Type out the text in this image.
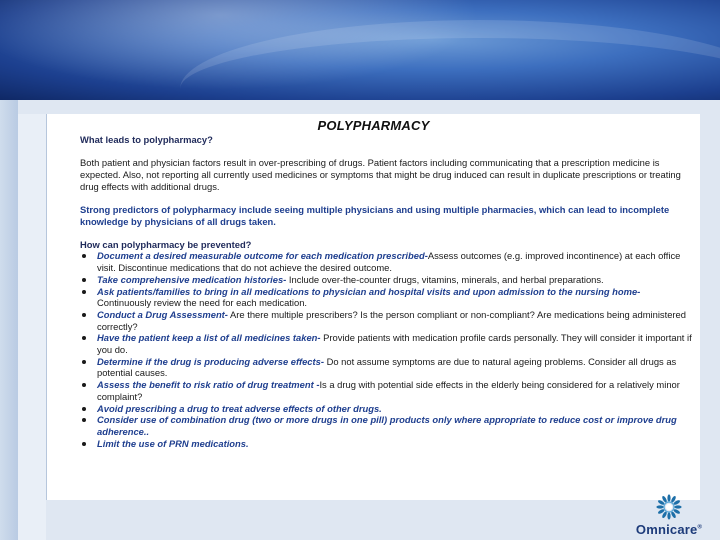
POLYPHARMACY

What leads to polypharmacy?

Both patient and physician factors result in over-prescribing of drugs. Patient factors including communicating that a prescription medicine is expected. Also, not reporting all currently used medicines or symptoms that might be drug induced can result in duplicate prescriptions or treating drug effects with additional drugs.

Strong predictors of polypharmacy include seeing multiple physicians and using multiple pharmacies, which can lead to incomplete knowledge by physicians of all drugs taken.

How can polypharmacy be prevented?

Document a desired measurable outcome for each medication prescribed-Assess outcomes (e.g. improved incontinence) at each office visit. Discontinue medications that do not achieve the desired outcome.
Take comprehensive medication histories- Include over-the-counter drugs, vitamins, minerals, and herbal preparations.
Ask patients/families to bring in all medications to physician and hospital visits and upon admission to the nursing home- Continuously review the need for each medication.
Conduct a Drug Assessment- Are there multiple prescribers? Is the person compliant or non-compliant? Are medications being administered correctly?
Have the patient keep a list of all medicines taken- Provide patients with medication profile cards personally. They will consider it important if you do.
Determine if the drug is producing adverse effects- Do not assume symptoms are due to natural ageing problems. Consider all drugs as potential causes.
Assess the benefit to risk ratio of drug treatment -Is a drug with potential side effects in the elderly being considered for a relatively minor complaint?
Avoid prescribing a drug to treat adverse effects of other drugs.
Consider use of combination drug (two or more drugs in one pill) products only where appropriate to reduce cost or improve drug adherence..
Limit the use of PRN medications.
Omnicare®
